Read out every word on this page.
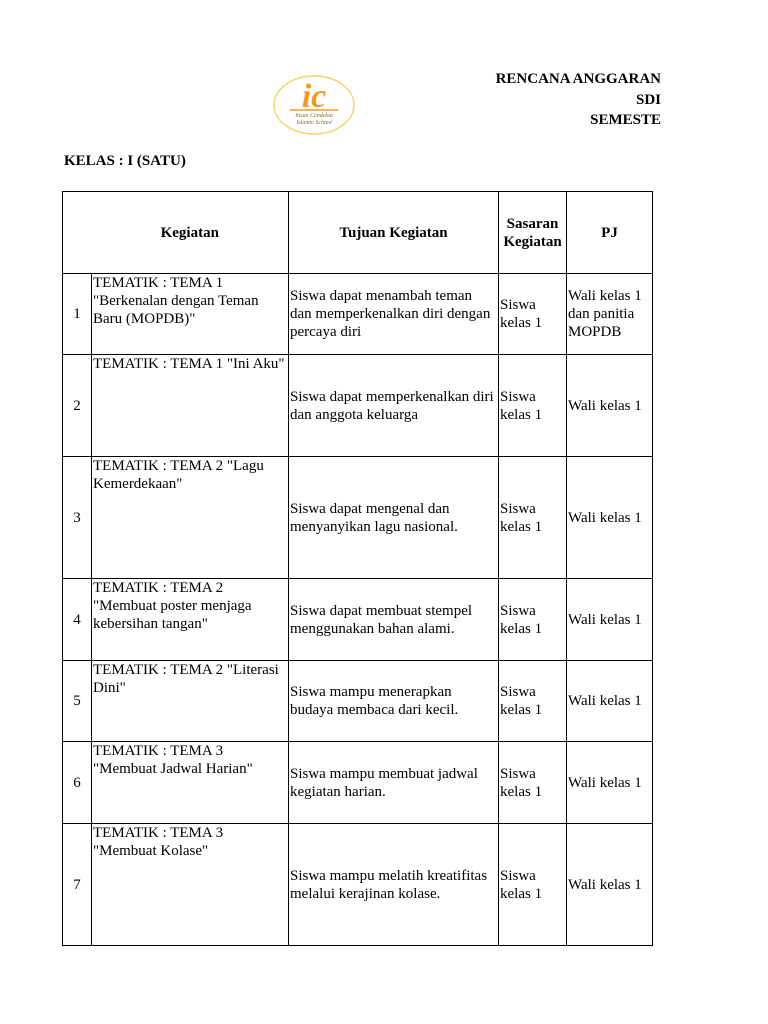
ic
Insan Cendekia
Islamic School
RENCANA ANGGARAN
SDI
SEMESTE
KELAS : I (SATU)
	Kegiatan	Tujuan Kegiatan	Sasaran Kegiatan	PJ
1	TEMATIK : TEMA 1 "Berkenalan dengan Teman Baru (MOPDB)"	Siswa dapat menambah teman dan memperkenalkan diri dengan percaya diri	Siswa kelas 1	Wali kelas 1 dan panitia MOPDB
2	TEMATIK : TEMA 1 "Ini Aku"	Siswa dapat memperkenalkan diri dan anggota keluarga	Siswa kelas 1	Wali kelas 1
3	TEMATIK : TEMA 2 "Lagu Kemerdekaan"	Siswa dapat mengenal dan menyanyikan lagu nasional.	Siswa kelas 1	Wali kelas 1
4	TEMATIK : TEMA 2 "Membuat poster menjaga kebersihan tangan"	Siswa dapat membuat stempel menggunakan bahan alami.	Siswa kelas 1	Wali kelas 1
5	TEMATIK : TEMA 2 "Literasi Dini"	Siswa mampu menerapkan budaya membaca dari kecil.	Siswa kelas 1	Wali kelas 1
6	TEMATIK : TEMA 3 "Membuat Jadwal Harian"	Siswa mampu membuat jadwal kegiatan harian.	Siswa kelas 1	Wali kelas 1
7	TEMATIK : TEMA 3 "Membuat Kolase"	Siswa mampu melatih kreatifitas melalui kerajinan kolase.	Siswa kelas 1	Wali kelas 1
